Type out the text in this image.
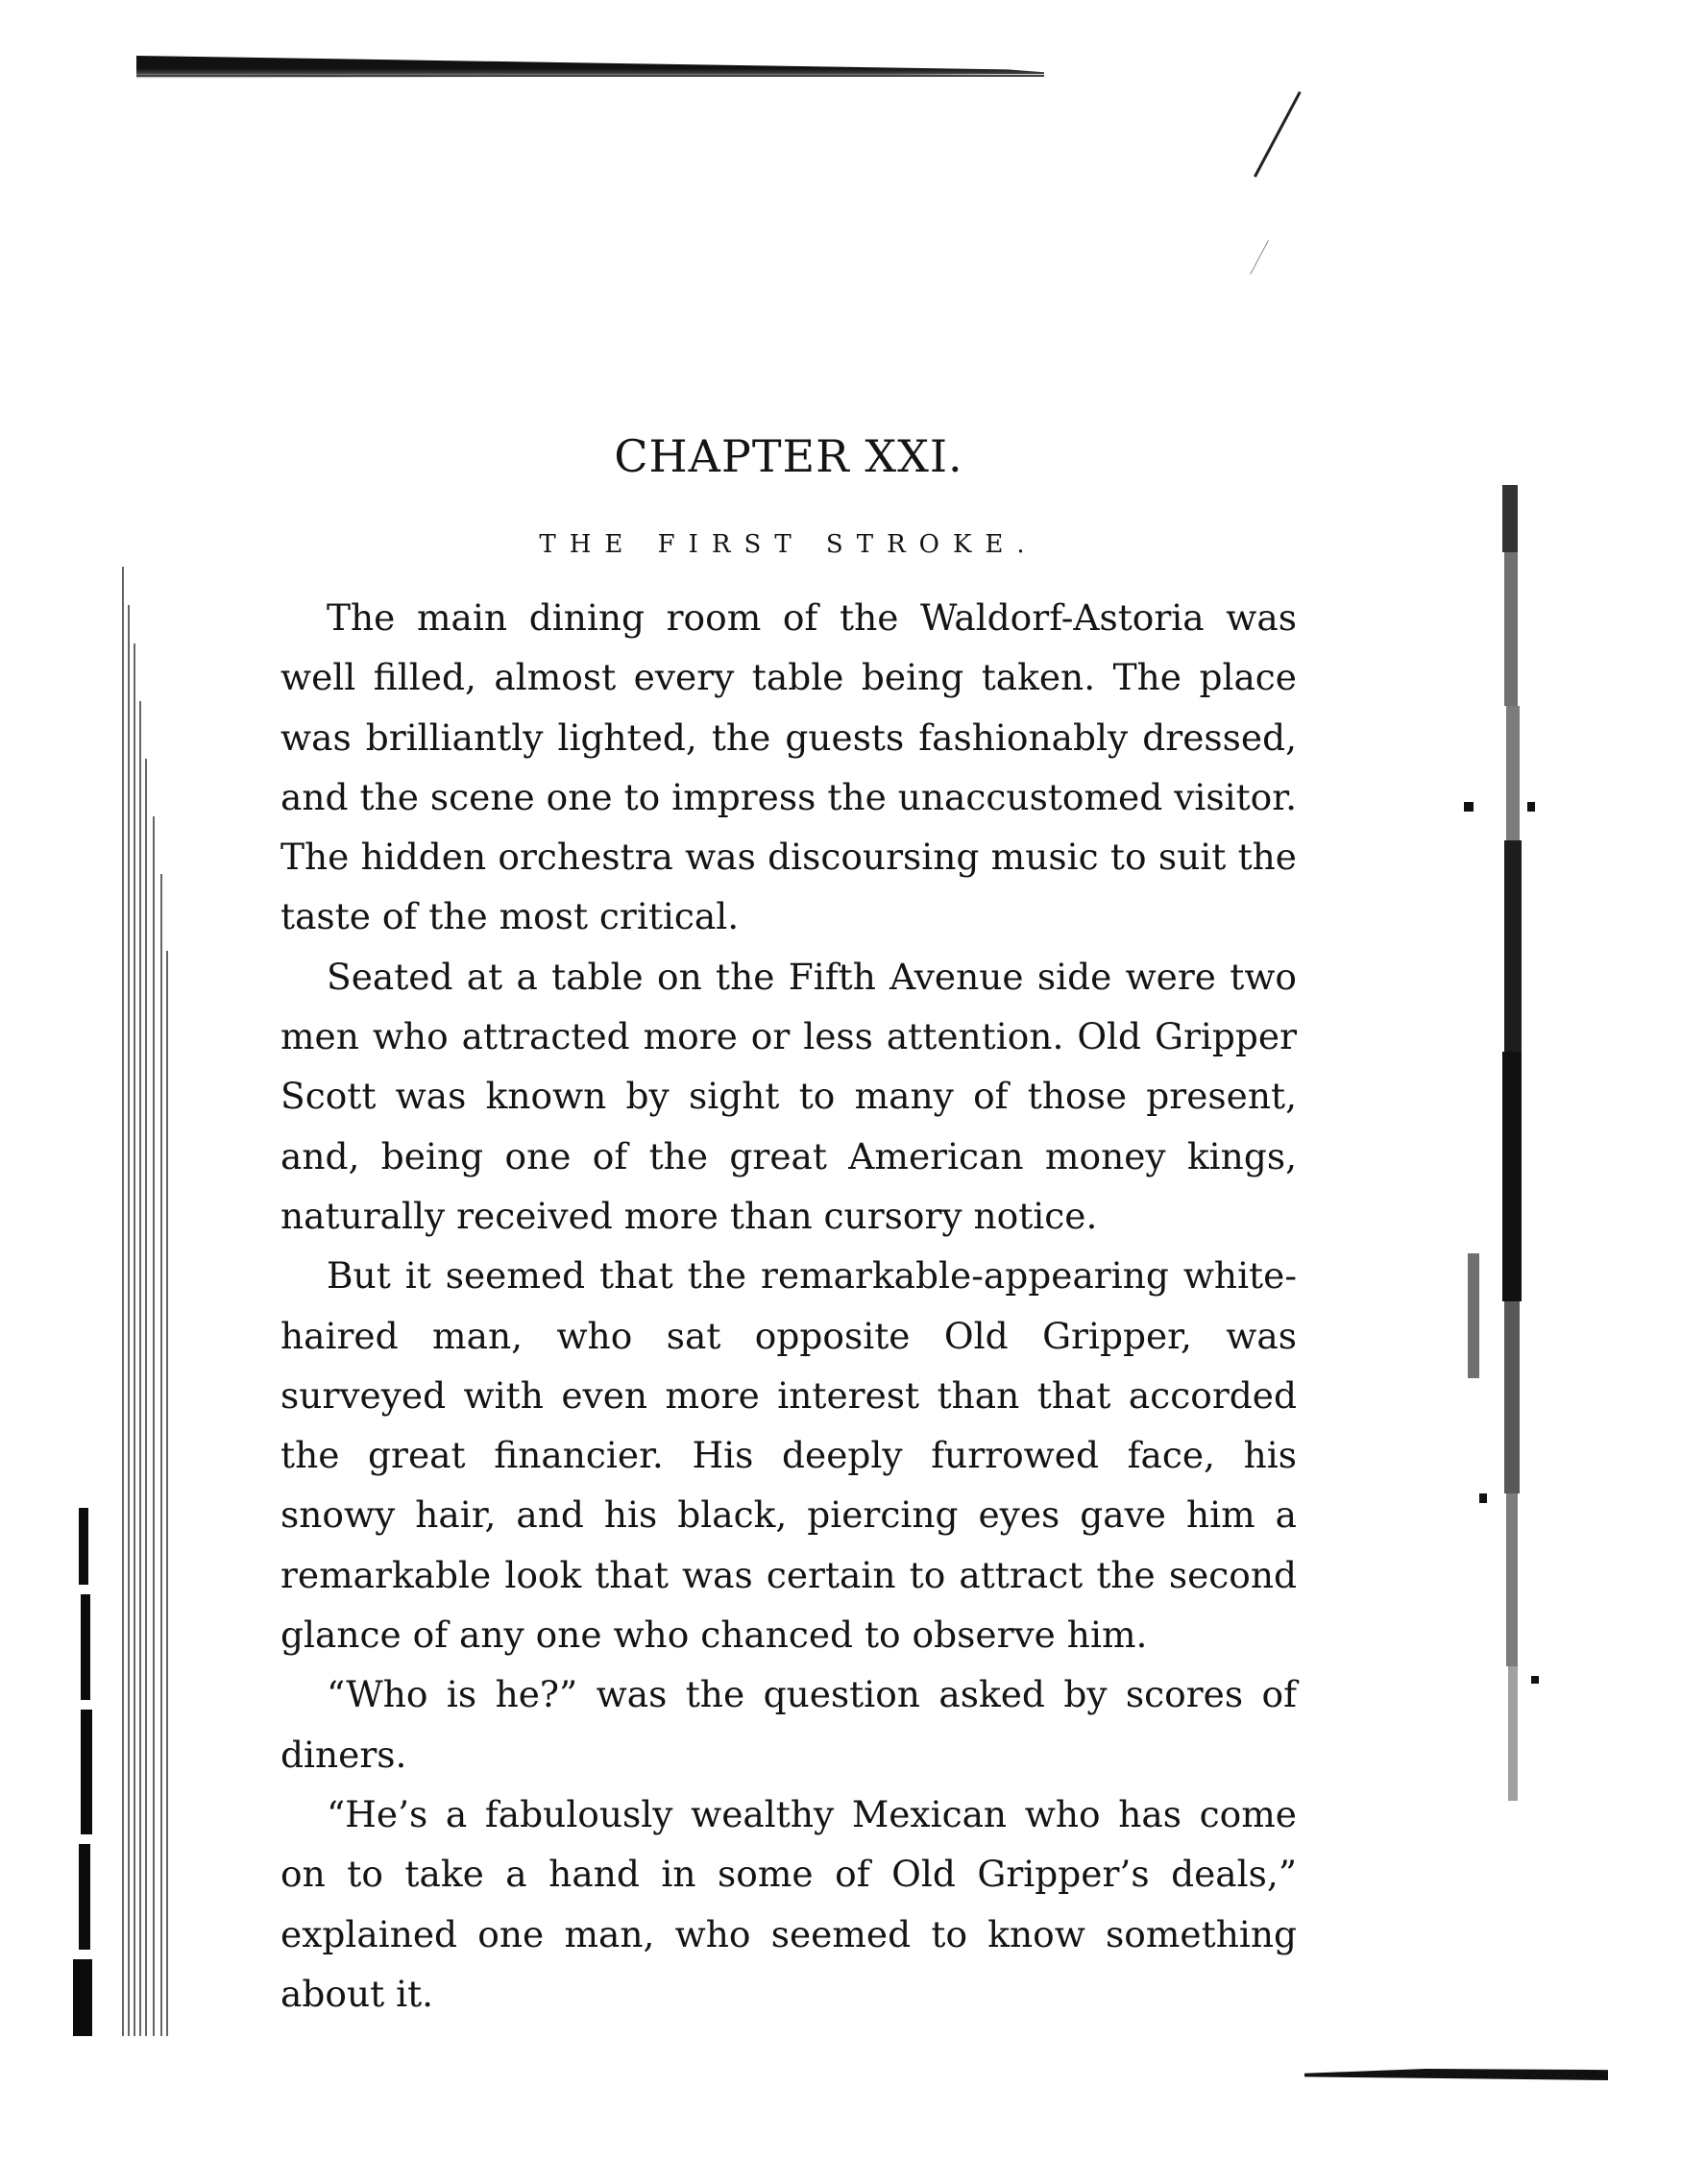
CHAPTER XXI.
THE FIRST STROKE.

The main dining room of the Waldorf-Astoria was well filled, almost every table being taken. The place was brilliantly lighted, the guests fashionably dressed, and the scene one to impress the unaccustomed visitor. The hidden orchestra was discoursing music to suit the taste of the most critical.

Seated at a table on the Fifth Avenue side were two men who attracted more or less attention. Old Gripper Scott was known by sight to many of those present, and, being one of the great American money kings, naturally received more than cursory notice.

But it seemed that the remarkable-appearing white-haired man, who sat opposite Old Gripper, was surveyed with even more interest than that accorded the great financier. His deeply furrowed face, his snowy hair, and his black, piercing eyes gave him a remarkable look that was certain to attract the second glance of any one who chanced to observe him.

“Who is he?” was the question asked by scores of diners.

“He’s a fabulously wealthy Mexican who has come on to take a hand in some of Old Gripper’s deals,” explained one man, who seemed to know something about it.
